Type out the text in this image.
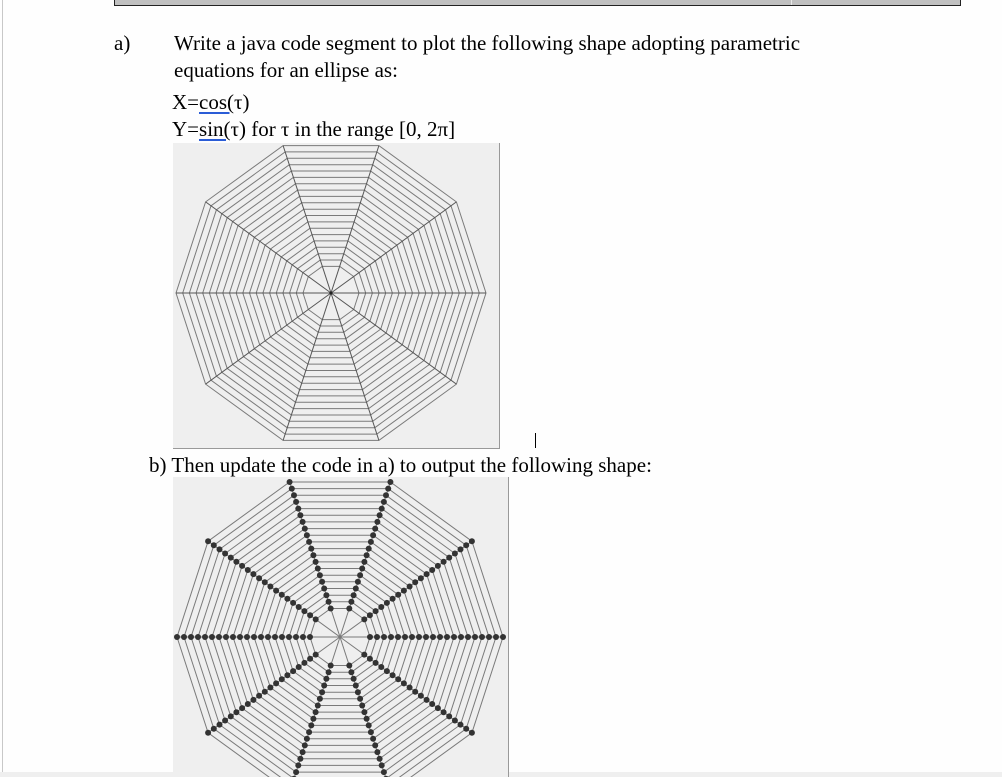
a) Write a java code segment to plot the following shape adopting parametric
equations for an ellipse as:
X=cos(τ)
Y=sin(τ) for τ in the range [0, 2π]
b) Then update the code in a) to output the following shape:
